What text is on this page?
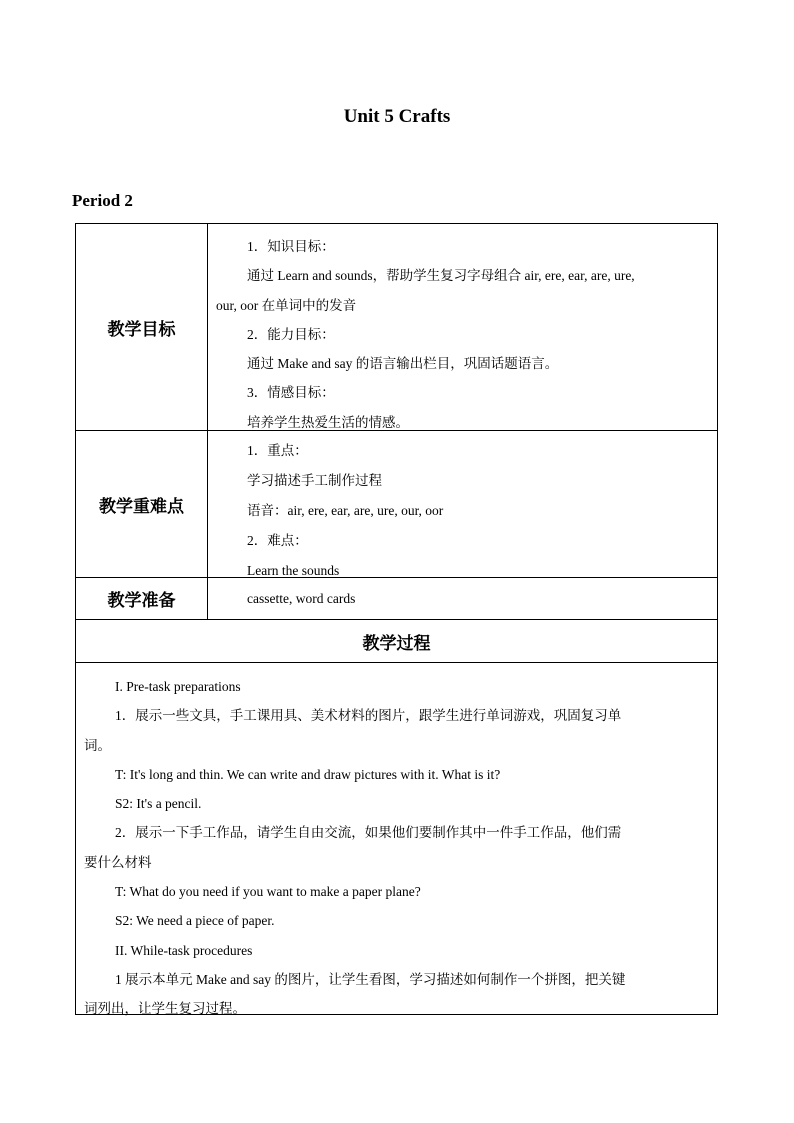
Unit 5 Crafts
Period 2
教学目标

1．知识目标：

通过 Learn and sounds，帮助学生复习字母组合 air, ere, ear, are, ure,

our, oor 在单词中的发音

2．能力目标：

通过 Make and say 的语言输出栏目，巩固话题语言。

3．情感目标：

培养学生热爱生活的情感。

教学重难点

1．重点：

学习描述手工制作过程

语音：air, ere, ear, are, ure, our, oor

2．难点：

Learn the sounds

教学准备	cassette, word cards

教学过程

I. Pre-task preparations

1．展示一些文具，手工课用具、美术材料的图片，跟学生进行单词游戏，巩固复习单

词。

T: It's long and thin. We can write and draw pictures with it. What is it?

S2: It's a pencil.

2．展示一下手工作品，请学生自由交流，如果他们要制作其中一件手工作品，他们需

要什么材料

T: What do you need if you want to make a paper plane?

S2: We need a piece of paper.

II. While-task procedures

1 展示本单元 Make and say 的图片，让学生看图，学习描述如何制作一个拼图，把关键

词列出，让学生复习过程。
